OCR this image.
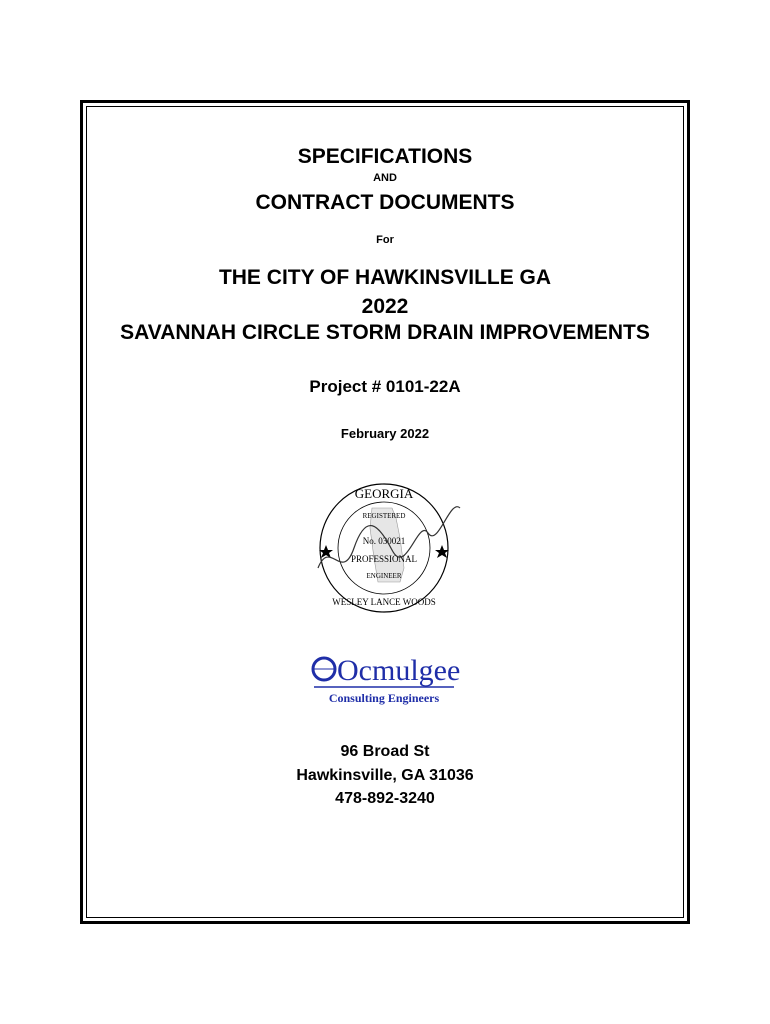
SPECIFICATIONS
AND
CONTRACT DOCUMENTS
For
THE CITY OF HAWKINSVILLE GA
2022
SAVANNAH CIRCLE STORM DRAIN IMPROVEMENTS
Project # 0101-22A
February 2022
GEORGIA
REGISTERED
No. 030021
PROFESSIONAL
ENGINEER
WESLEY LANCE WOODS
Ocmulgee
Consulting Engineers
96 Broad St
Hawkinsville, GA 31036
478-892-3240
